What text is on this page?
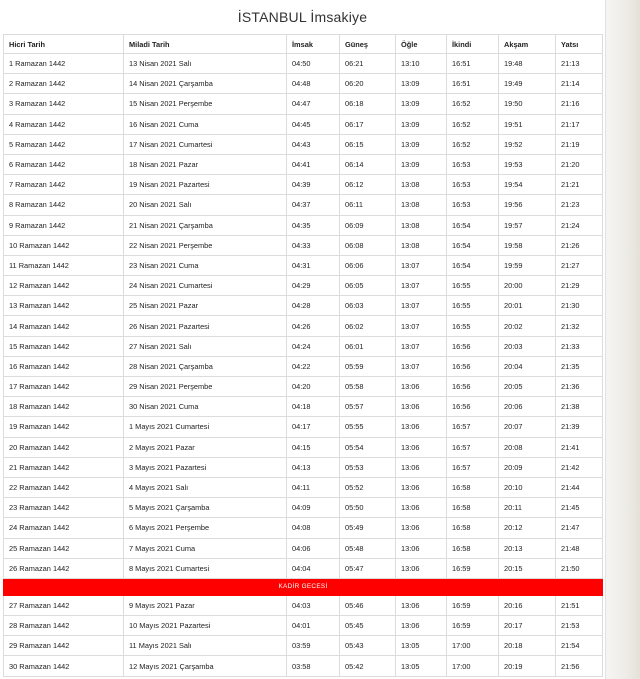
İSTANBUL İmsakiye
Hicri Tarih	Miladi Tarih	İmsak	Güneş	Öğle	İkindi	Akşam	Yatsı
1 Ramazan 1442	13 Nisan 2021 Salı	04:50	06:21	13:10	16:51	19:48	21:13
2 Ramazan 1442	14 Nisan 2021 Çarşamba	04:48	06:20	13:09	16:51	19:49	21:14
3 Ramazan 1442	15 Nisan 2021 Perşembe	04:47	06:18	13:09	16:52	19:50	21:16
4 Ramazan 1442	16 Nisan 2021 Cuma	04:45	06:17	13:09	16:52	19:51	21:17
5 Ramazan 1442	17 Nisan 2021 Cumartesi	04:43	06:15	13:09	16:52	19:52	21:19
6 Ramazan 1442	18 Nisan 2021 Pazar	04:41	06:14	13:09	16:53	19:53	21:20
7 Ramazan 1442	19 Nisan 2021 Pazartesi	04:39	06:12	13:08	16:53	19:54	21:21
8 Ramazan 1442	20 Nisan 2021 Salı	04:37	06:11	13:08	16:53	19:56	21:23
9 Ramazan 1442	21 Nisan 2021 Çarşamba	04:35	06:09	13:08	16:54	19:57	21:24
10 Ramazan 1442	22 Nisan 2021 Perşembe	04:33	06:08	13:08	16:54	19:58	21:26
11 Ramazan 1442	23 Nisan 2021 Cuma	04:31	06:06	13:07	16:54	19:59	21:27
12 Ramazan 1442	24 Nisan 2021 Cumartesi	04:29	06:05	13:07	16:55	20:00	21:29
13 Ramazan 1442	25 Nisan 2021 Pazar	04:28	06:03	13:07	16:55	20:01	21:30
14 Ramazan 1442	26 Nisan 2021 Pazartesi	04:26	06:02	13:07	16:55	20:02	21:32
15 Ramazan 1442	27 Nisan 2021 Salı	04:24	06:01	13:07	16:56	20:03	21:33
16 Ramazan 1442	28 Nisan 2021 Çarşamba	04:22	05:59	13:07	16:56	20:04	21:35
17 Ramazan 1442	29 Nisan 2021 Perşembe	04:20	05:58	13:06	16:56	20:05	21:36
18 Ramazan 1442	30 Nisan 2021 Cuma	04:18	05:57	13:06	16:56	20:06	21:38
19 Ramazan 1442	1 Mayıs 2021 Cumartesi	04:17	05:55	13:06	16:57	20:07	21:39
20 Ramazan 1442	2 Mayıs 2021 Pazar	04:15	05:54	13:06	16:57	20:08	21:41
21 Ramazan 1442	3 Mayıs 2021 Pazartesi	04:13	05:53	13:06	16:57	20:09	21:42
22 Ramazan 1442	4 Mayıs 2021 Salı	04:11	05:52	13:06	16:58	20:10	21:44
23 Ramazan 1442	5 Mayıs 2021 Çarşamba	04:09	05:50	13:06	16:58	20:11	21:45
24 Ramazan 1442	6 Mayıs 2021 Perşembe	04:08	05:49	13:06	16:58	20:12	21:47
25 Ramazan 1442	7 Mayıs 2021 Cuma	04:06	05:48	13:06	16:58	20:13	21:48
26 Ramazan 1442	8 Mayıs 2021 Cumartesi	04:04	05:47	13:06	16:59	20:15	21:50
KADİR GECESİ							
27 Ramazan 1442	9 Mayıs 2021 Pazar	04:03	05:46	13:06	16:59	20:16	21:51
28 Ramazan 1442	10 Mayıs 2021 Pazartesi	04:01	05:45	13:06	16:59	20:17	21:53
29 Ramazan 1442	11 Mayıs 2021 Salı	03:59	05:43	13:05	17:00	20:18	21:54
30 Ramazan 1442	12 Mayıs 2021 Çarşamba	03:58	05:42	13:05	17:00	20:19	21:56
